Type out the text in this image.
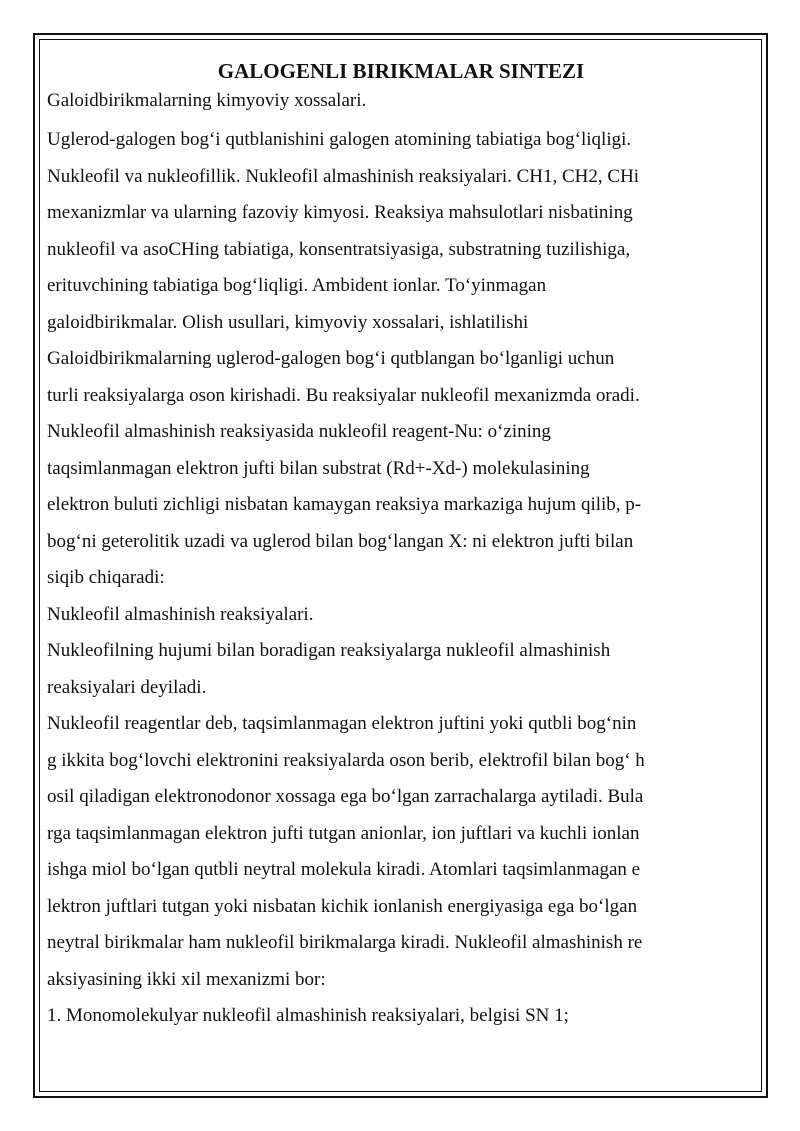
GALOGENLI BIRIKMALAR SINTEZI
Galoidbirikmalarning kimyoviy xossalari.
Uglerod-galogen bog‘i qutblanishini galogen atomining tabiatiga bog‘liqligi.
Nukleofil va nukleofillik. Nukleofil almashinish reaksiyalari. CH1, CH2, CHi
mexanizmlar va ularning fazoviy kimyosi. Reaksiya mahsulotlari nisbatining
nukleofil va asoCHing tabiatiga, konsentratsiyasiga, substratning tuzilishiga,
erituvchining tabiatiga bog‘liqligi. Ambident ionlar. To‘yinmagan
galoidbirikmalar. Olish usullari, kimyoviy xossalari, ishlatilishi
Galoidbirikmalarning uglerod-galogen bog‘i qutblangan bo‘lganligi uchun
turli reaksiyalarga oson kirishadi. Bu reaksiyalar nukleofil mexanizmda oradi.
Nukleofil almashinish reaksiyasida nukleofil reagent-Nu: o‘zining
taqsimlanmagan elektron jufti bilan substrat (Rd+-Xd-) molekulasining
elektron buluti zichligi nisbatan kamaygan reaksiya markaziga hujum qilib, p-
bog‘ni geterolitik uzadi va uglerod bilan bog‘langan X: ni elektron jufti bilan
siqib chiqaradi:
Nukleofil almashinish reaksiyalari.
Nukleofilning hujumi bilan boradigan reaksiyalarga nukleofil almashinish
reaksiyalari deyiladi.
Nukleofil reagentlar deb, taqsimlanmagan elektron juftini yoki qutbli bog‘nin
g ikkita bog‘lovchi elektronini reaksiyalarda oson berib, elektrofil bilan bog‘ h
osil qiladigan elektronodonor xossaga ega bo‘lgan zarrachalarga aytiladi. Bula
rga taqsimlanmagan elektron jufti tutgan anionlar, ion juftlari va kuchli ionlan
ishga miol bo‘lgan qutbli neytral molekula kiradi. Atomlari taqsimlanmagan e
lektron juftlari tutgan yoki nisbatan kichik ionlanish energiyasiga ega bo‘lgan
neytral birikmalar ham nukleofil birikmalarga kiradi. Nukleofil almashinish re
aksiyasining ikki xil mexanizmi bor:
1. Monomolekulyar nukleofil almashinish reaksiyalari, belgisi SN 1;
